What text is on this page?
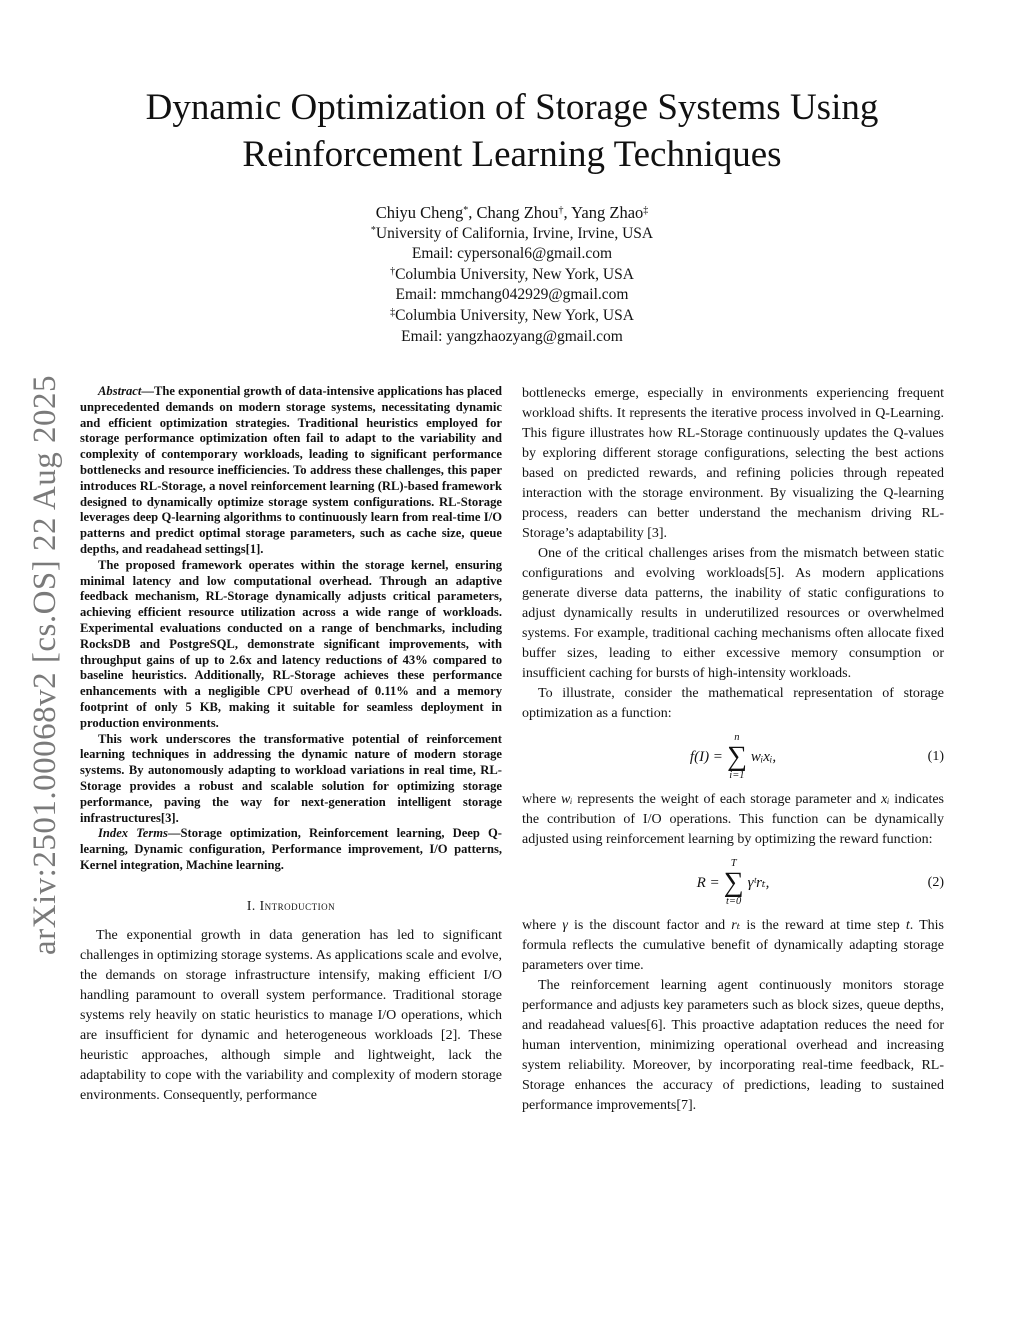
arXiv:2501.00068v2 [cs.OS] 22 Aug 2025
Dynamic Optimization of Storage Systems Using
Reinforcement Learning Techniques
Chiyu Cheng*, Chang Zhou†, Yang Zhao‡
*University of California, Irvine, Irvine, USA
Email: cypersonal6@gmail.com
†Columbia University, New York, USA
Email: mmchang042929@gmail.com
‡Columbia University, New York, USA
Email: yangzhaozyang@gmail.com

Abstract—The exponential growth of data-intensive applications has placed unprecedented demands on modern storage systems, necessitating dynamic and efficient optimization strategies. Traditional heuristics employed for storage performance optimization often fail to adapt to the variability and complexity of contemporary workloads, leading to significant performance bottlenecks and resource inefficiencies. To address these challenges, this paper introduces RL-Storage, a novel reinforcement learning (RL)-based framework designed to dynamically optimize storage system configurations. RL-Storage leverages deep Q-learning algorithms to continuously learn from real-time I/O patterns and predict optimal storage parameters, such as cache size, queue depths, and readahead settings[1].

The proposed framework operates within the storage kernel, ensuring minimal latency and low computational overhead. Through an adaptive feedback mechanism, RL-Storage dynamically adjusts critical parameters, achieving efficient resource utilization across a wide range of workloads. Experimental evaluations conducted on a range of benchmarks, including RocksDB and PostgreSQL, demonstrate significant improvements, with throughput gains of up to 2.6x and latency reductions of 43% compared to baseline heuristics. Additionally, RL-Storage achieves these performance enhancements with a negligible CPU overhead of 0.11% and a memory footprint of only 5 KB, making it suitable for seamless deployment in production environments.

This work underscores the transformative potential of reinforcement learning techniques in addressing the dynamic nature of modern storage systems. By autonomously adapting to workload variations in real time, RL-Storage provides a robust and scalable solution for optimizing storage performance, paving the way for next-generation intelligent storage infrastructures[3].

Index Terms—Storage optimization, Reinforcement learning, Deep Q-learning, Dynamic configuration, Performance improvement, I/O patterns, Kernel integration, Machine learning.

I. Introduction

The exponential growth in data generation has led to significant challenges in optimizing storage systems. As applications scale and evolve, the demands on storage infrastructure intensify, making efficient I/O handling paramount to overall system performance. Traditional storage systems rely heavily on static heuristics to manage I/O operations, which are insufficient for dynamic and heterogeneous workloads [2]. These heuristic approaches, although simple and lightweight, lack the adaptability to cope with the variability and complexity of modern storage environments. Consequently, performance

bottlenecks emerge, especially in environments experiencing frequent workload shifts. It represents the iterative process involved in Q-Learning. This figure illustrates how RL-Storage continuously updates the Q-values by exploring different storage configurations, selecting the best actions based on predicted rewards, and refining policies through repeated interaction with the storage environment. By visualizing the Q-learning process, readers can better understand the mechanism driving RL-Storage’s adaptability [3].

One of the critical challenges arises from the mismatch between static configurations and evolving workloads[5]. As modern applications generate diverse data patterns, the inability of static configurations to adjust dynamically results in underutilized resources or overwhelmed systems. For example, traditional caching mechanisms often allocate fixed buffer sizes, leading to either excessive memory consumption or insufficient caching for bursts of high-intensity workloads.

To illustrate, consider the mathematical representation of storage optimization as a function:

f(I) =
n
∑
i=1
wᵢxᵢ,	(1)

where wᵢ represents the weight of each storage parameter and xᵢ indicates the contribution of I/O operations. This function can be dynamically adjusted using reinforcement learning by optimizing the reward function:

R =
T
∑
t=0
γᵗrₜ,	(2)

where γ is the discount factor and rₜ is the reward at time step t. This formula reflects the cumulative benefit of dynamically adapting storage parameters over time.

The reinforcement learning agent continuously monitors storage performance and adjusts key parameters such as block sizes, queue depths, and readahead values[6]. This proactive adaptation reduces the need for human intervention, minimizing operational overhead and increasing system reliability. Moreover, by incorporating real-time feedback, RL-Storage enhances the accuracy of predictions, leading to sustained performance improvements[7].
